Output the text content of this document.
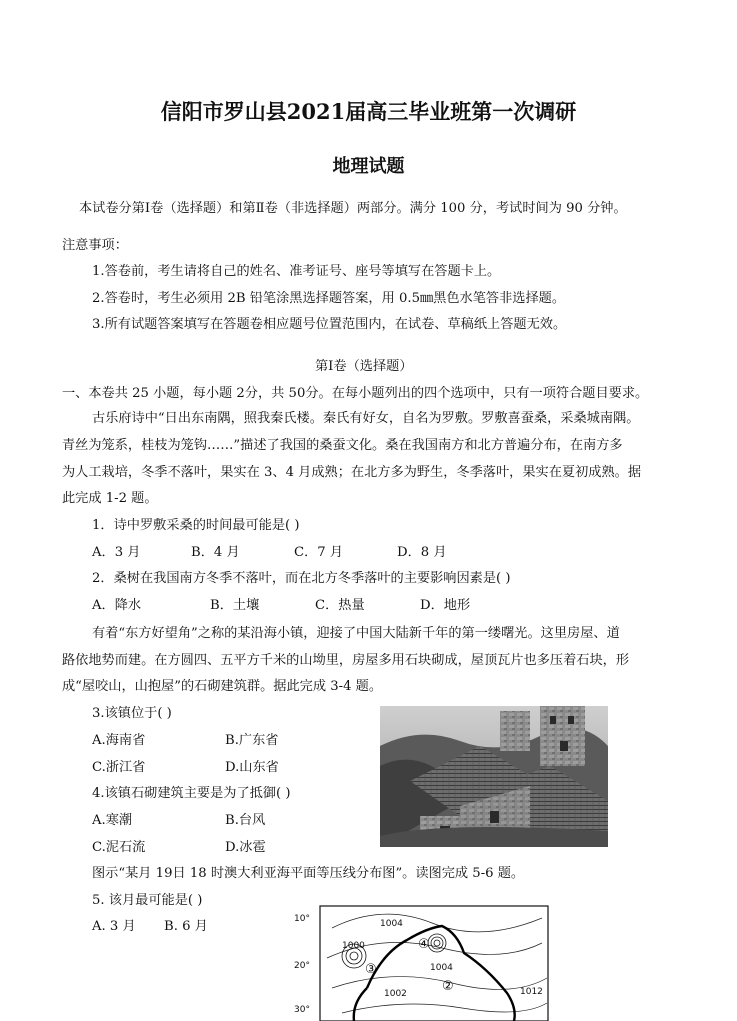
信阳市罗山县2021届高三毕业班第一次调研
地理试题
本试卷分第Ⅰ卷（选择题）和第Ⅱ卷（非选择题）两部分。满分 100 分，考试时间为 90 分钟。
注意事项：
1.答卷前，考生请将自己的姓名、准考证号、座号等填写在答题卡上。
2.答卷时，考生必须用 2B 铅笔涂黑选择题答案，用 0.5㎜黑色水笔答非选择题。
3.所有试题答案填写在答题卷相应题号位置范围内，在试卷、草稿纸上答题无效。
第Ⅰ卷（选择题）
一、本卷共 25 小题，每小题 2分，共 50分。在每小题列出的四个选项中，只有一项符合题目要求。
古乐府诗中“日出东南隅，照我秦氏楼。秦氏有好女，自名为罗敷。罗敷喜蚕桑，采桑城南隅。
青丝为笼系，桂枝为笼钩……”描述了我国的桑蚕文化。桑在我国南方和北方普遍分布，在南方多
为人工栽培，冬季不落叶，果实在 3、4 月成熟；在北方多为野生，冬季落叶，果实在夏初成熟。据
此完成 1-2 题。
1．诗中罗敷采桑的时间最可能是( )
A．3 月	B．4 月	C．7 月	D．8 月
2．桑树在我国南方冬季不落叶，而在北方冬季落叶的主要影响因素是( )
A．降水	B．土壤	C．热量	D．地形
有着“东方好望角”之称的某沿海小镇，迎接了中国大陆新千年的第一缕曙光。这里房屋、道
路依地势而建。在方圆四、五平方千米的山坳里，房屋多用石块砌成，屋顶瓦片也多压着石块，形
成“屋咬山，山抱屋”的石砌建筑群。据此完成 3-4 题。
3.该镇位于( )
A.海南省	B.广东省
C.浙江省	D.山东省
4.该镇石砌建筑主要是为了抵御( )
A.寒潮	B.台风
C.泥石流	D.冰雹
图示“某月 19日 18 时澳大利亚海平面等压线分布图”。读图完成 5-6 题。
5. 该月最可能是( )
A. 3 月 B. 6 月	10°
20°
30°
1004
1000
1004
1002	1012
②
③
④
